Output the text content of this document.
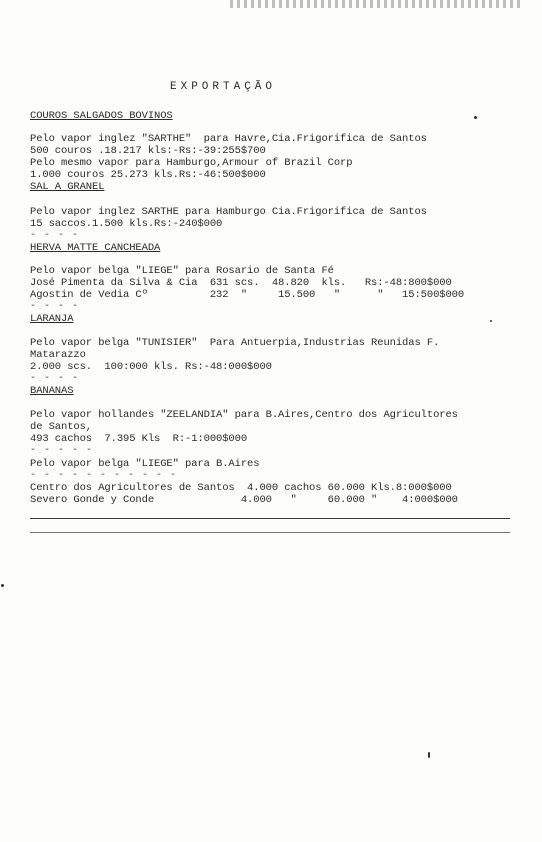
EXPORTAÇÃO
COUROS SALGADOS BOVINOS
Pelo vapor inglez "SARTHE"  para Havre,Cia.Frigorifica de Santos
500 couros .18.217 kls:-Rs:-39:255$700
Pelo mesmo vapor para Hamburgo,Armour of Brazil Corp
1.000 couros 25.273 kls.Rs:-46:500$000
SAL A GRANEL
Pelo vapor inglez SARTHE para Hamburgo Cia.Frigorifica de Santos
15 saccos.1.500 kls.Rs:-240$000
- - - -
HERVA MATTE CANCHEADA
Pelo vapor belga "LIEGE" para Rosario de Santa Fé
José Pimenta da Silva & Cia  631 scs.  48.820  kls.   Rs:-48:800$000
Agostin de Vedia Cº          232  "     15.500   "      "   15:500$000
- - - -
LARANJA
Pelo vapor belga "TUNISIER"  Para Antuerpia,Industrias Reunidas F.
Matarazzo
2.000 scs.  100:000 kls. Rs:-48:000$000
- - - -
BANANAS
Pelo vapor hollandes "ZEELANDIA" para B.Aires,Centro dos Agricultores
de Santos,
493 cachos  7.395 Kls  R:-1:000$000
- - - - -
Pelo vapor belga "LIEGE" para B.Aires
- - - - - - - - - - -
Centro dos Agricultores de Santos  4.000 cachos 60.000 Kls.8:000$000
Severo Gonde y Conde              4.000   "     60.000 "    4:000$000
